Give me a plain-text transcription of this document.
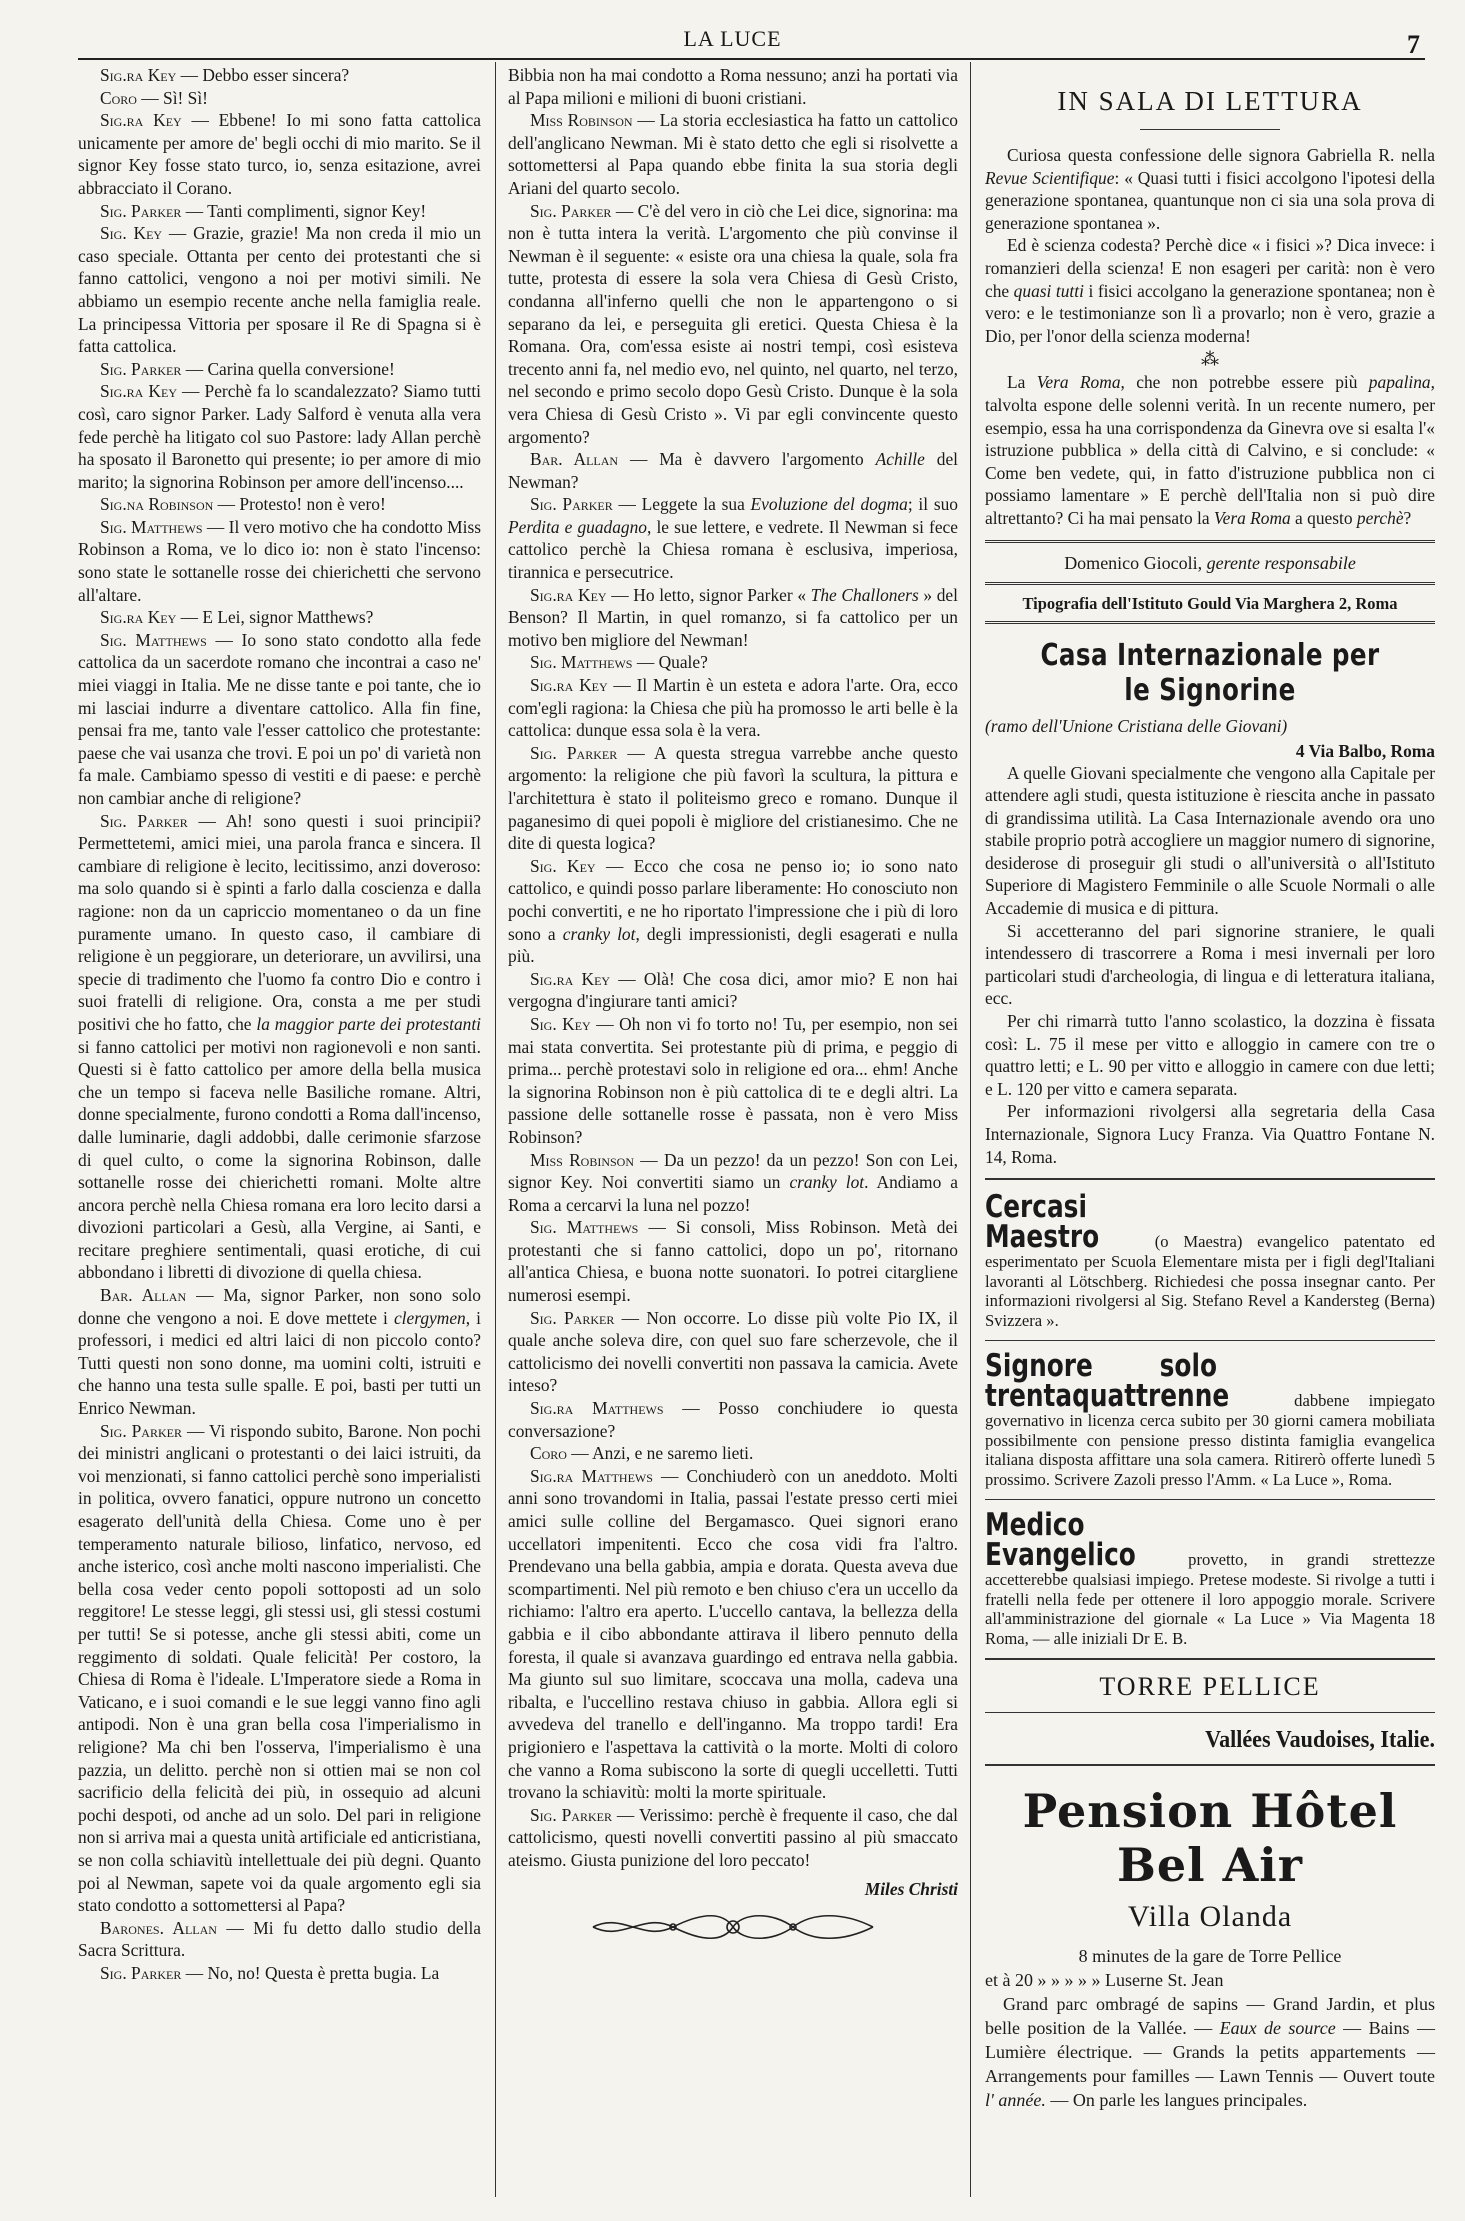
LA LUCE	7

Sig.ra Key — Debbo esser sincera?

Coro — Sì! Sì!

Sig.ra Key — Ebbene! Io mi sono fatta cattolica unicamente per amore de' begli occhi di mio marito. Se il signor Key fosse stato turco, io, senza esitazione, avrei abbracciato il Corano.

Sig. Parker — Tanti complimenti, signor Key!

Sig. Key — Grazie, grazie! Ma non creda il mio un caso speciale. Ottanta per cento dei protestanti che si fanno cattolici, vengono a noi per motivi simili. Ne abbiamo un esempio recente anche nella famiglia reale. La principessa Vittoria per sposare il Re di Spagna si è fatta cattolica.

Sig. Parker — Carina quella conversione!

Sig.ra Key — Perchè fa lo scandalezzato? Siamo tutti così, caro signor Parker. Lady Salford è venuta alla vera fede perchè ha litigato col suo Pastore: lady Allan perchè ha sposato il Baronetto qui presente; io per amore di mio marito; la signorina Robinson per amore dell'incenso....

Sig.na Robinson — Protesto! non è vero!

Sig. Matthews — Il vero motivo che ha condotto Miss Robinson a Roma, ve lo dico io: non è stato l'incenso: sono state le sottanelle rosse dei chierichetti che servono all'altare.

Sig.ra Key — E Lei, signor Matthews?

Sig. Matthews — Io sono stato condotto alla fede cattolica da un sacerdote romano che incontrai a caso ne' miei viaggi in Italia. Me ne disse tante e poi tante, che io mi lasciai indurre a diventare cattolico. Alla fin fine, pensai fra me, tanto vale l'esser cattolico che protestante: paese che vai usanza che trovi. E poi un po' di varietà non fa male. Cambiamo spesso di vestiti e di paese: e perchè non cambiar anche di religione?

Sig. Parker — Ah! sono questi i suoi principii? Permettetemi, amici miei, una parola franca e sincera. Il cambiare di religione è lecito, lecitissimo, anzi doveroso: ma solo quando si è spinti a farlo dalla coscienza e dalla ragione: non da un capriccio momentaneo o da un fine puramente umano. In questo caso, il cambiare di religione è un peggiorare, un deteriorare, un avvilirsi, una specie di tradimento che l'uomo fa contro Dio e contro i suoi fratelli di religione. Ora, consta a me per studi positivi che ho fatto, che la maggior parte dei protestanti si fanno cattolici per motivi non ragionevoli e non santi. Questi si è fatto cattolico per amore della bella musica che un tempo si faceva nelle Basiliche romane. Altri, donne specialmente, furono condotti a Roma dall'incenso, dalle luminarie, dagli addobbi, dalle cerimonie sfarzose di quel culto, o come la signorina Robinson, dalle sottanelle rosse dei chierichetti romani. Molte altre ancora perchè nella Chiesa romana era loro lecito darsi a divozioni particolari a Gesù, alla Vergine, ai Santi, e recitare preghiere sentimentali, quasi erotiche, di cui abbondano i libretti di divozione di quella chiesa.

Bar. Allan — Ma, signor Parker, non sono solo donne che vengono a noi. E dove mettete i clergymen, i professori, i medici ed altri laici di non piccolo conto? Tutti questi non sono donne, ma uomini colti, istruiti e che hanno una testa sulle spalle. E poi, basti per tutti un Enrico Newman.

Sig. Parker — Vi rispondo subito, Barone. Non pochi dei ministri anglicani o protestanti o dei laici istruiti, da voi menzionati, si fanno cattolici perchè sono imperialisti in politica, ovvero fanatici, oppure nutrono un concetto esagerato dell'unità della Chiesa. Come uno è per temperamento naturale bilioso, linfatico, nervoso, ed anche isterico, così anche molti nascono imperialisti. Che bella cosa veder cento popoli sottoposti ad un solo reggitore! Le stesse leggi, gli stessi usi, gli stessi costumi per tutti! Se si potesse, anche gli stessi abiti, come un reggimento di soldati. Quale felicità! Per costoro, la Chiesa di Roma è l'ideale. L'Imperatore siede a Roma in Vaticano, e i suoi comandi e le sue leggi vanno fino agli antipodi. Non è una gran bella cosa l'imperialismo in religione? Ma chi ben l'osserva, l'imperialismo è una pazzia, un delitto. perchè non si ottien mai se non col sacrificio della felicità dei più, in ossequio ad alcuni pochi despoti, od anche ad un solo. Del pari in religione non si arriva mai a questa unità artificiale ed anticristiana, se non colla schiavitù intellettuale dei più degni. Quanto poi al Newman, sapete voi da quale argomento egli sia stato condotto a sottomettersi al Papa?

Barones. Allan — Mi fu detto dallo studio della Sacra Scrittura.

Sig. Parker — No, no! Questa è pretta bugia. La

Bibbia non ha mai condotto a Roma nessuno; anzi ha portati via al Papa milioni e milioni di buoni cristiani.

Miss Robinson — La storia ecclesiastica ha fatto un cattolico dell'anglicano Newman. Mi è stato detto che egli si risolvette a sottomettersi al Papa quando ebbe finita la sua storia degli Ariani del quarto secolo.

Sig. Parker — C'è del vero in ciò che Lei dice, signorina: ma non è tutta intera la verità. L'argomento che più convinse il Newman è il seguente: « esiste ora una chiesa la quale, sola fra tutte, protesta di essere la sola vera Chiesa di Gesù Cristo, condanna all'inferno quelli che non le appartengono o si separano da lei, e perseguita gli eretici. Questa Chiesa è la Romana. Ora, com'essa esiste ai nostri tempi, così esisteva trecento anni fa, nel medio evo, nel quinto, nel quarto, nel terzo, nel secondo e primo secolo dopo Gesù Cristo. Dunque è la sola vera Chiesa di Gesù Cristo ». Vi par egli convincente questo argomento?

Bar. Allan — Ma è davvero l'argomento Achille del Newman?

Sig. Parker — Leggete la sua Evoluzione del dogma; il suo Perdita e guadagno, le sue lettere, e vedrete. Il Newman si fece cattolico perchè la Chiesa romana è esclusiva, imperiosa, tirannica e persecutrice.

Sig.ra Key — Ho letto, signor Parker « The Challoners » del Benson? Il Martin, in quel romanzo, si fa cattolico per un motivo ben migliore del Newman!

Sig. Matthews — Quale?

Sig.ra Key — Il Martin è un esteta e adora l'arte. Ora, ecco com'egli ragiona: la Chiesa che più ha promosso le arti belle è la cattolica: dunque essa sola è la vera.

Sig. Parker — A questa stregua varrebbe anche questo argomento: la religione che più favorì la scultura, la pittura e l'architettura è stato il politeismo greco e romano. Dunque il paganesimo di quei popoli è migliore del cristianesimo. Che ne dite di questa logica?

Sig. Key — Ecco che cosa ne penso io; io sono nato cattolico, e quindi posso parlare liberamente: Ho conosciuto non pochi convertiti, e ne ho riportato l'impressione che i più di loro sono a cranky lot, degli impressionisti, degli esagerati e nulla più.

Sig.ra Key — Olà! Che cosa dici, amor mio? E non hai vergogna d'ingiurare tanti amici?

Sig. Key — Oh non vi fo torto no! Tu, per esempio, non sei mai stata convertita. Sei protestante più di prima, e peggio di prima... perchè protestavi solo in religione ed ora... ehm! Anche la signorina Robinson non è più cattolica di te e degli altri. La passione delle sottanelle rosse è passata, non è vero Miss Robinson?

Miss Robinson — Da un pezzo! da un pezzo! Son con Lei, signor Key. Noi convertiti siamo un cranky lot. Andiamo a Roma a cercarvi la luna nel pozzo!

Sig. Matthews — Si consoli, Miss Robinson. Metà dei protestanti che si fanno cattolici, dopo un po', ritornano all'antica Chiesa, e buona notte suonatori. Io potrei citargliene numerosi esempi.

Sig. Parker — Non occorre. Lo disse più volte Pio IX, il quale anche soleva dire, con quel suo fare scherzevole, che il cattolicismo dei novelli convertiti non passava la camicia. Avete inteso?

Sig.ra Matthews — Posso conchiudere io questa conversazione?

Coro — Anzi, e ne saremo lieti.

Sig.ra Matthews — Conchiuderò con un aneddoto. Molti anni sono trovandomi in Italia, passai l'estate presso certi miei amici sulle colline del Bergamasco. Quei signori erano uccellatori impenitenti. Ecco che cosa vidi fra l'altro. Prendevano una bella gabbia, ampia e dorata. Questa aveva due scompartimenti. Nel più remoto e ben chiuso c'era un uccello da richiamo: l'altro era aperto. L'uccello cantava, la bellezza della gabbia e il cibo abbondante attirava il libero pennuto della foresta, il quale si avanzava guardingo ed entrava nella gabbia. Ma giunto sul suo limitare, scoccava una molla, cadeva una ribalta, e l'uccellino restava chiuso in gabbia. Allora egli si avvedeva del tranello e dell'inganno. Ma troppo tardi! Era prigioniero e l'aspettava la cattività o la morte. Molti di coloro che vanno a Roma subiscono la sorte di quegli uccelletti. Tutti trovano la schiavitù: molti la morte spirituale.

Sig. Parker — Verissimo: perchè è frequente il caso, che dal cattolicismo, questi novelli convertiti passino al più smaccato ateismo. Giusta punizione del loro peccato!

Miles Christi
IN SALA DI LETTURA

Curiosa questa confessione delle signora Gabriella R. nella Revue Scientifique: « Quasi tutti i fisici accolgono l'ipotesi della generazione spontanea, quantunque non ci sia una sola prova di generazione spontanea ».

Ed è scienza codesta? Perchè dice « i fisici »? Dica invece: i romanzieri della scienza! E non esageri per carità: non è vero che quasi tutti i fisici accolgano la generazione spontanea; non è vero: e le testimonianze son lì a provarlo; non è vero, grazie a Dio, per l'onor della scienza moderna!

⁂

La Vera Roma, che non potrebbe essere più papalina, talvolta espone delle solenni verità. In un recente numero, per esempio, essa ha una corrispondenza da Ginevra ove si esalta l'« istruzione pubblica » della città di Calvino, e si conclude: « Come ben vedete, qui, in fatto d'istruzione pubblica non ci possiamo lamentare » E perchè dell'Italia non si può dire altrettanto? Ci ha mai pensato la Vera Roma a questo perchè?

Domenico Giocoli, gerente responsabile
Tipografia dell'Istituto Gould Via Marghera 2, Roma
Casa Internazionale per le Signorine
(ramo dell'Unione Cristiana delle Giovani)
4 Via Balbo, Roma

A quelle Giovani specialmente che vengono alla Capitale per attendere agli studi, questa istituzione è riescita anche in passato di grandissima utilità. La Casa Internazionale avendo ora uno stabile proprio potrà accogliere un maggior numero di signorine, desiderose di proseguir gli studi o all'università o all'Istituto Superiore di Magistero Femminile o alle Scuole Normali o alle Accademie di musica e di pittura.

Si accetteranno del pari signorine straniere, le quali intendessero di trascorrere a Roma i mesi invernali per loro particolari studi d'archeologia, di lingua e di letteratura italiana, ecc.

Per chi rimarrà tutto l'anno scolastico, la dozzina è fissata così: L. 75 il mese per vitto e alloggio in camere con tre o quattro letti; e L. 90 per vitto e alloggio in camere con due letti; e L. 120 per vitto e camera separata.

Per informazioni rivolgersi alla segretaria della Casa Internazionale, Signora Lucy Franza. Via Quattro Fontane N. 14, Roma.

Cercasi Maestro	(o Maestra) evangelico patentato ed esperimentato per Scuola Elementare mista per i figli degl'Italiani lavoranti al Lötschberg. Richiedesi che possa insegnar canto. Per informazioni rivolgersi al Sig. Stefano Revel a Kandersteg (Berna) Svizzera ».
Signore solo trentaquattrenne	dabbene impiegato governativo in licenza cerca subito per 30 giorni camera mobiliata possibilmente con pensione presso distinta famiglia evangelica italiana disposta affittare una sola camera. Ritirerò offerte lunedì 5 prossimo. Scrivere Zazoli presso l'Amm. « La Luce », Roma.
Medico Evangelico	provetto, in grandi strettezze accetterebbe qualsiasi impiego. Pretese modeste. Si rivolge a tutti i fratelli nella fede per ottenere il loro appoggio morale. Scrivere all'amministrazione del giornale « La Luce » Via Magenta 18 Roma, — alle iniziali Dr E. B.
TORRE PELLICE
Vallées Vaudoises, Italie.
Pension Hôtel Bel Air
Villa Olanda
8 minutes de la gare de Torre Pellice
et à 20 » » » » » Luserne St. Jean
Grand parc ombragé de sapins — Grand Jardin, et plus belle position de la Vallée. — Eaux de source — Bains — Lumière électrique. — Grands la petits appartements — Arrangements pour familles — Lawn Tennis — Ouvert toute l' année. — On parle les langues principales.
